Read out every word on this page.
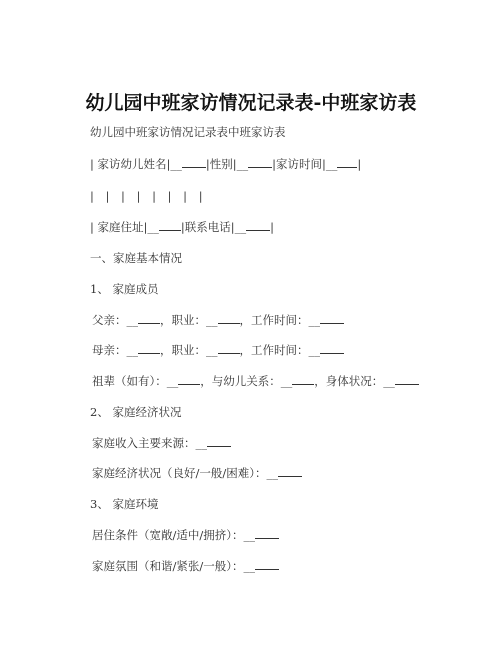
幼儿园中班家访情况记录表-中班家访表
幼儿园中班家访情况记录表中班家访表
| 家访幼儿姓名|__ |性别|__ |家访时间|__ |
| | | | | | | |
| 家庭住址|__ |联系电话|__ |
一、家庭基本情况
1、 家庭成员
父亲：__ ，职业：__ ，工作时间：__
母亲：__ ，职业：__ ，工作时间：__
祖辈（如有）：__ ，与幼儿关系：__ ，身体状况：__
2、 家庭经济状况
家庭收入主要来源：__
家庭经济状况（良好/一般/困难）：__
3、 家庭环境
居住条件（宽敞/适中/拥挤）：__
家庭氛围（和谐/紧张/一般）：__
